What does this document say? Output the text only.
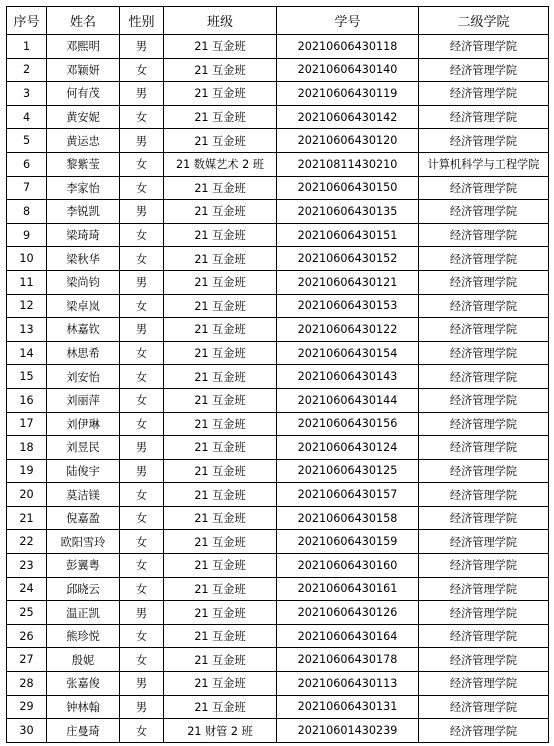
序号	姓名	性别	班级	学号	二级学院
1	邓熙明	男	21 互金班	20210606430118	经济管理学院
2	邓颖妍	女	21 互金班	20210606430140	经济管理学院
3	何有茂	男	21 互金班	20210606430119	经济管理学院
4	黄安妮	女	21 互金班	20210606430142	经济管理学院
5	黄运忠	男	21 互金班	20210606430120	经济管理学院
6	黎紫莹	女	21 数媒艺术 2 班	20210811430210	计算机科学与工程学院
7	李家怡	女	21 互金班	20210606430150	经济管理学院
8	李锐凯	男	21 互金班	20210606430135	经济管理学院
9	梁琦琦	女	21 互金班	20210606430151	经济管理学院
10	梁秋华	女	21 互金班	20210606430152	经济管理学院
11	梁尚钧	男	21 互金班	20210606430121	经济管理学院
12	梁卓岚	女	21 互金班	20210606430153	经济管理学院
13	林嘉钦	男	21 互金班	20210606430122	经济管理学院
14	林思希	女	21 互金班	20210606430154	经济管理学院
15	刘安怡	女	21 互金班	20210606430143	经济管理学院
16	刘丽萍	女	21 互金班	20210606430144	经济管理学院
17	刘伊琳	女	21 互金班	20210606430156	经济管理学院
18	刘昱民	男	21 互金班	20210606430124	经济管理学院
19	陆俊宇	男	21 互金班	20210606430125	经济管理学院
20	莫洁镁	女	21 互金班	20210606430157	经济管理学院
21	倪嘉盈	女	21 互金班	20210606430158	经济管理学院
22	欧阳雪玲	女	21 互金班	20210606430159	经济管理学院
23	彭翼粤	女	21 互金班	20210606430160	经济管理学院
24	邱晓云	女	21 互金班	20210606430161	经济管理学院
25	温正凯	男	21 互金班	20210606430126	经济管理学院
26	熊珍悦	女	21 互金班	20210606430164	经济管理学院
27	殷妮	女	21 互金班	20210606430178	经济管理学院
28	张嘉俊	男	21 互金班	20210606430113	经济管理学院
29	钟林翰	男	21 互金班	20210606430131	经济管理学院
30	庄曼琦	女	21 财管 2 班	20210601430239	经济管理学院
